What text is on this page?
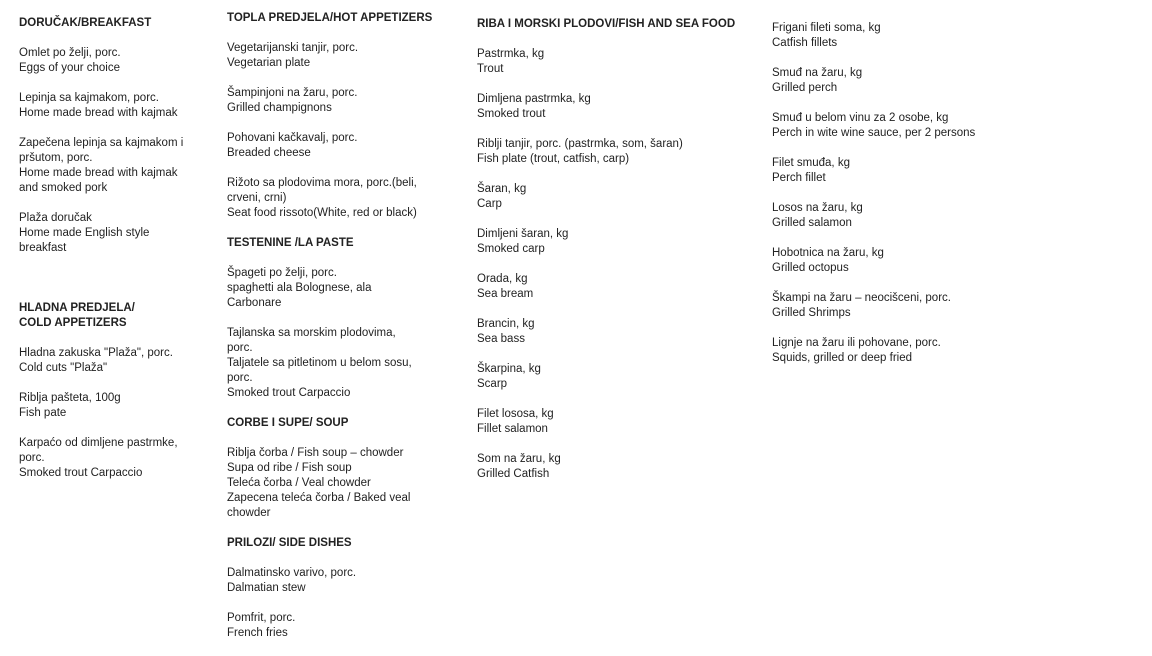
DORUČAK/BREAKFAST
Omlet po želji, porc.
Eggs of your choice
Lepinja sa kajmakom, porc.
Home made bread with kajmak
Zapečena lepinja sa kajmakom i
pršutom, porc.
Home made bread with kajmak
and smoked pork
Plaža doručak
Home made English style
breakfast
HLADNA PREDJELA/
COLD APPETIZERS
Hladna zakuska "Plaža", porc.
Cold cuts "Plaža"
Riblja pašteta, 100g
Fish pate
Karpaćo od dimljene pastrmke,
porc.
Smoked trout Carpaccio
TOPLA PREDJELA/HOT APPETIZERS
Vegetarijanski tanjir, porc.
Vegetarian plate
Šampinjoni na žaru, porc.
Grilled champignons
Pohovani kačkavalj, porc.
Breaded cheese
Rižoto sa plodovima mora, porc.(beli,
crveni, crni)
Seat food rissoto(White, red or black)
TESTENINE /LA PASTE
Špageti po želji, porc.
spaghetti ala Bolognese, ala
Carbonare
Tajlanska sa morskim plodovima,
porc.
Taljatele sa pitletinom u belom sosu,
porc.
Smoked trout Carpaccio
CORBE I SUPE/ SOUP
Riblja čorba / Fish soup – chowder
Supa od ribe / Fish soup
Teleća čorba / Veal chowder
Zapecena teleća čorba / Baked veal
chowder
PRILOZI/ SIDE DISHES
Dalmatinsko varivo, porc.
Dalmatian stew
Pomfrit, porc.
French fries
RIBA I MORSKI PLODOVI/FISH AND SEA FOOD
Pastrmka, kg
Trout
Dimljena pastrmka, kg
Smoked trout
Riblji tanjir, porc. (pastrmka, som, šaran)
Fish plate (trout, catfish, carp)
Šaran, kg
Carp
Dimljeni šaran, kg
Smoked carp
Orada, kg
Sea bream
Brancin, kg
Sea bass
Škarpina, kg
Scarp
Filet lososa, kg
Fillet salamon
Som na žaru, kg
Grilled Catfish
Frigani fileti soma, kg
Catfish fillets
Smuđ na žaru, kg
Grilled perch
Smuđ u belom vinu za 2 osobe, kg
Perch in wite wine sauce, per 2 persons
Filet smuđa, kg
Perch fillet
Losos na žaru, kg
Grilled salamon
Hobotnica na žaru, kg
Grilled octopus
Škampi na žaru – neocišceni, porc.
Grilled Shrimps
Lignje na žaru ili pohovane, porc.
Squids, grilled or deep fried
